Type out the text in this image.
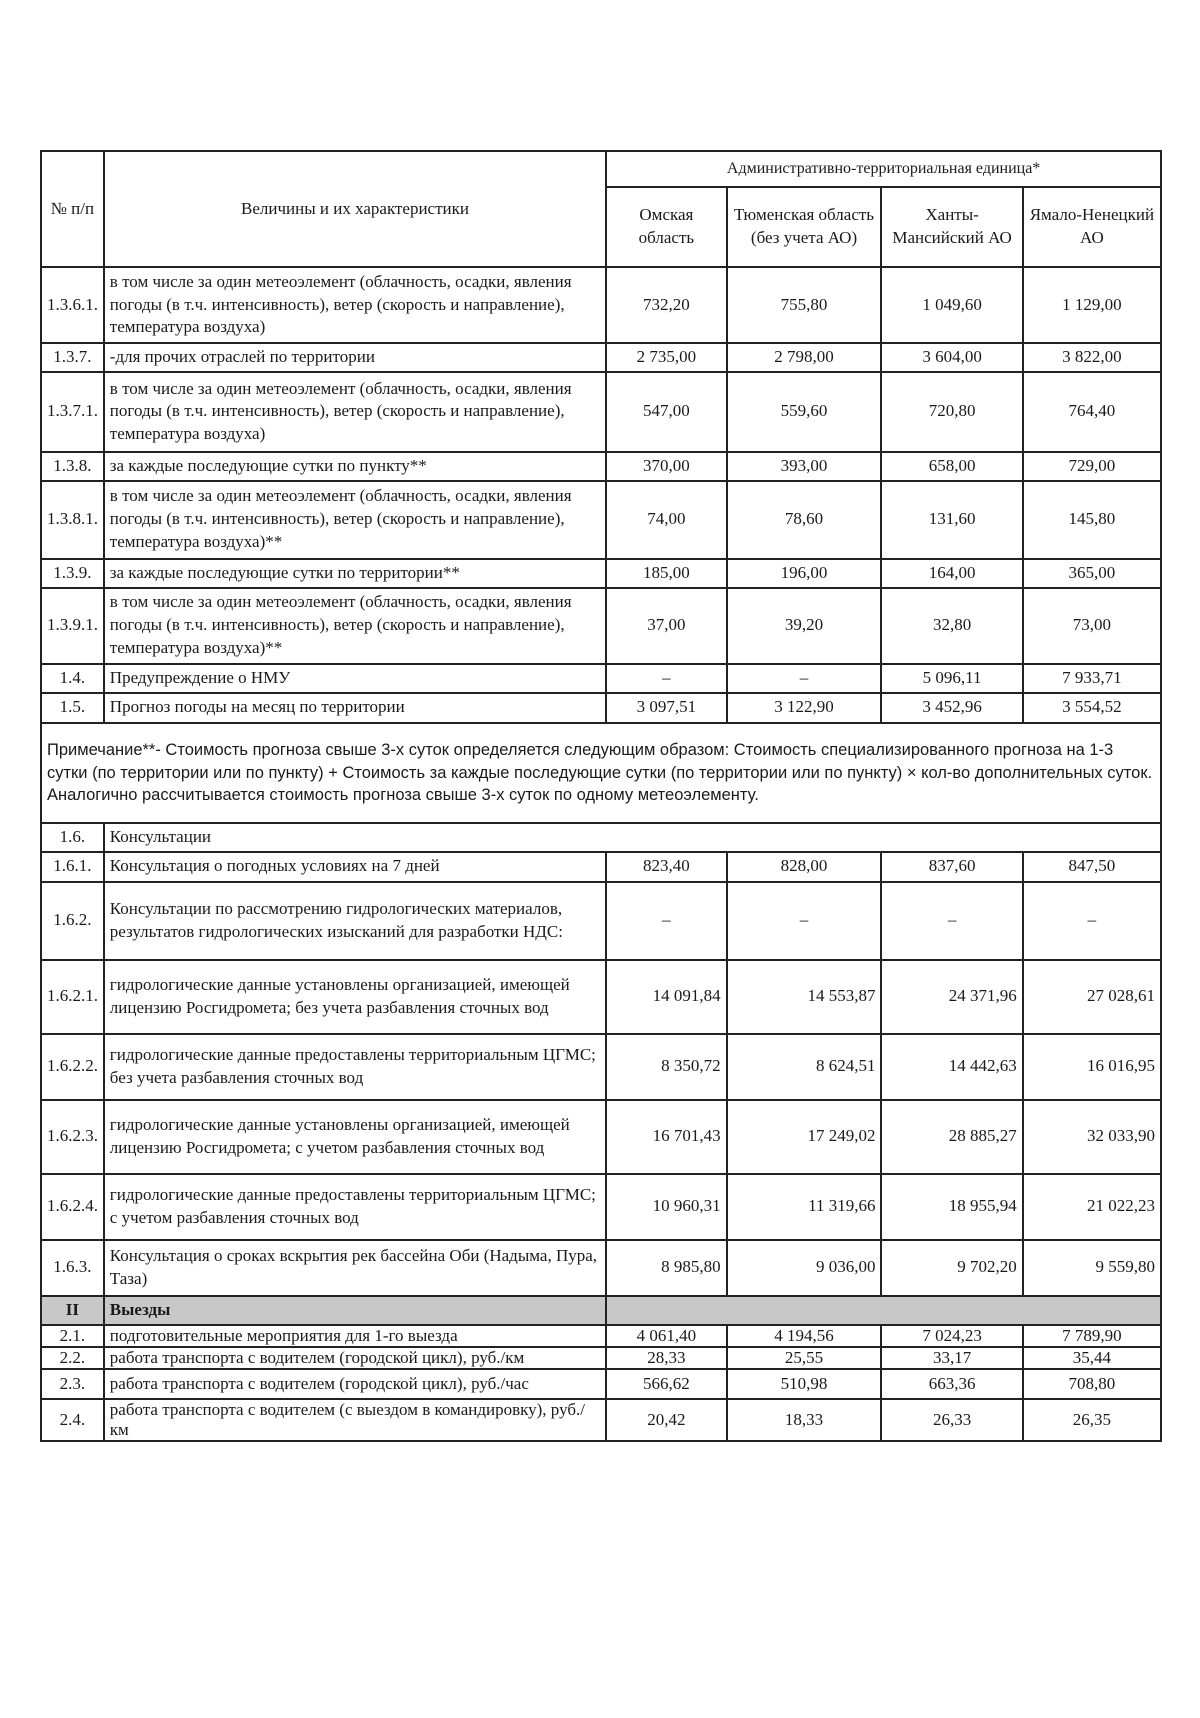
№ п/п	Величины и их характеристики	Административно-территориальная единица*			
		Омская область	Тюменская область (без учета АО)	Ханты-Мансийский АО	Ямало-Ненецкий АО
1.3.6.1.	в том числе за один метеоэлемент (облачность, осадки, явления погоды (в т.ч. интенсивность), ветер (скорость и направление), температура воздуха)	732,20	755,80	1 049,60	1 129,00
1.3.7.	-для прочих отраслей по территории	2 735,00	2 798,00	3 604,00	3 822,00
1.3.7.1.	в том числе за один метеоэлемент (облачность, осадки, явления погоды (в т.ч. интенсивность), ветер (скорость и направление), температура воздуха)	547,00	559,60	720,80	764,40
1.3.8.	за каждые последующие сутки по пункту**	370,00	393,00	658,00	729,00
1.3.8.1.	в том числе за один метеоэлемент (облачность, осадки, явления погоды (в т.ч. интенсивность), ветер (скорость и направление), температура воздуха)**	74,00	78,60	131,60	145,80
1.3.9.	за каждые последующие сутки по территории**	185,00	196,00	164,00	365,00
1.3.9.1.	в том числе за один метеоэлемент (облачность, осадки, явления погоды (в т.ч. интенсивность), ветер (скорость и направление), температура воздуха)**	37,00	39,20	32,80	73,00
1.4.	Предупреждение о НМУ	–	–	5 096,11	7 933,71
1.5.	Прогноз погоды на месяц по территории	3 097,51	3 122,90	3 452,96	3 554,52
Примечание**- Стоимость прогноза свыше 3-х суток определяется следующим образом: Стоимость специализированного прогноза на 1-3 сутки (по территории или по пункту) + Стоимость за каждые последующие сутки (по территории или по пункту) × кол-во дополнительных суток. Аналогично рассчитывается стоимость прогноза свыше 3-х суток по одному метеоэлементу.					
1.6.	Консультации				
1.6.1.	Консультация о погодных условиях на 7 дней	823,40	828,00	837,60	847,50
1.6.2.	Консультации по рассмотрению гидрологических материалов, результатов гидрологических изысканий для разработки НДС:	–	–	–	–
1.6.2.1.	гидрологические данные установлены организацией, имеющей лицензию Росгидромета; без учета разбавления сточных вод	14 091,84	14 553,87	24 371,96	27 028,61
1.6.2.2.	гидрологические данные предоставлены территориальным ЦГМС; без учета разбавления сточных вод	8 350,72	8 624,51	14 442,63	16 016,95
1.6.2.3.	гидрологические данные установлены организацией, имеющей лицензию Росгидромета; с учетом разбавления сточных вод	16 701,43	17 249,02	28 885,27	32 033,90
1.6.2.4.	гидрологические данные предоставлены территориальным ЦГМС; с учетом разбавления сточных вод	10 960,31	11 319,66	18 955,94	21 022,23
1.6.3.	Консультация о сроках вскрытия рек бассейна Оби (Надыма, Пура, Таза)	8 985,80	9 036,00	9 702,20	9 559,80
II	Выезды				
2.1.	подготовительные мероприятия для 1-го выезда	4 061,40	4 194,56	7 024,23	7 789,90
2.2.	работа транспорта с водителем (городской цикл), руб./км	28,33	25,55	33,17	35,44
2.3.	работа транспорта с водителем (городской цикл), руб./час	566,62	510,98	663,36	708,80
2.4.	работа транспорта с водителем (с выездом в командировку), руб./км	20,42	18,33	26,33	26,35
